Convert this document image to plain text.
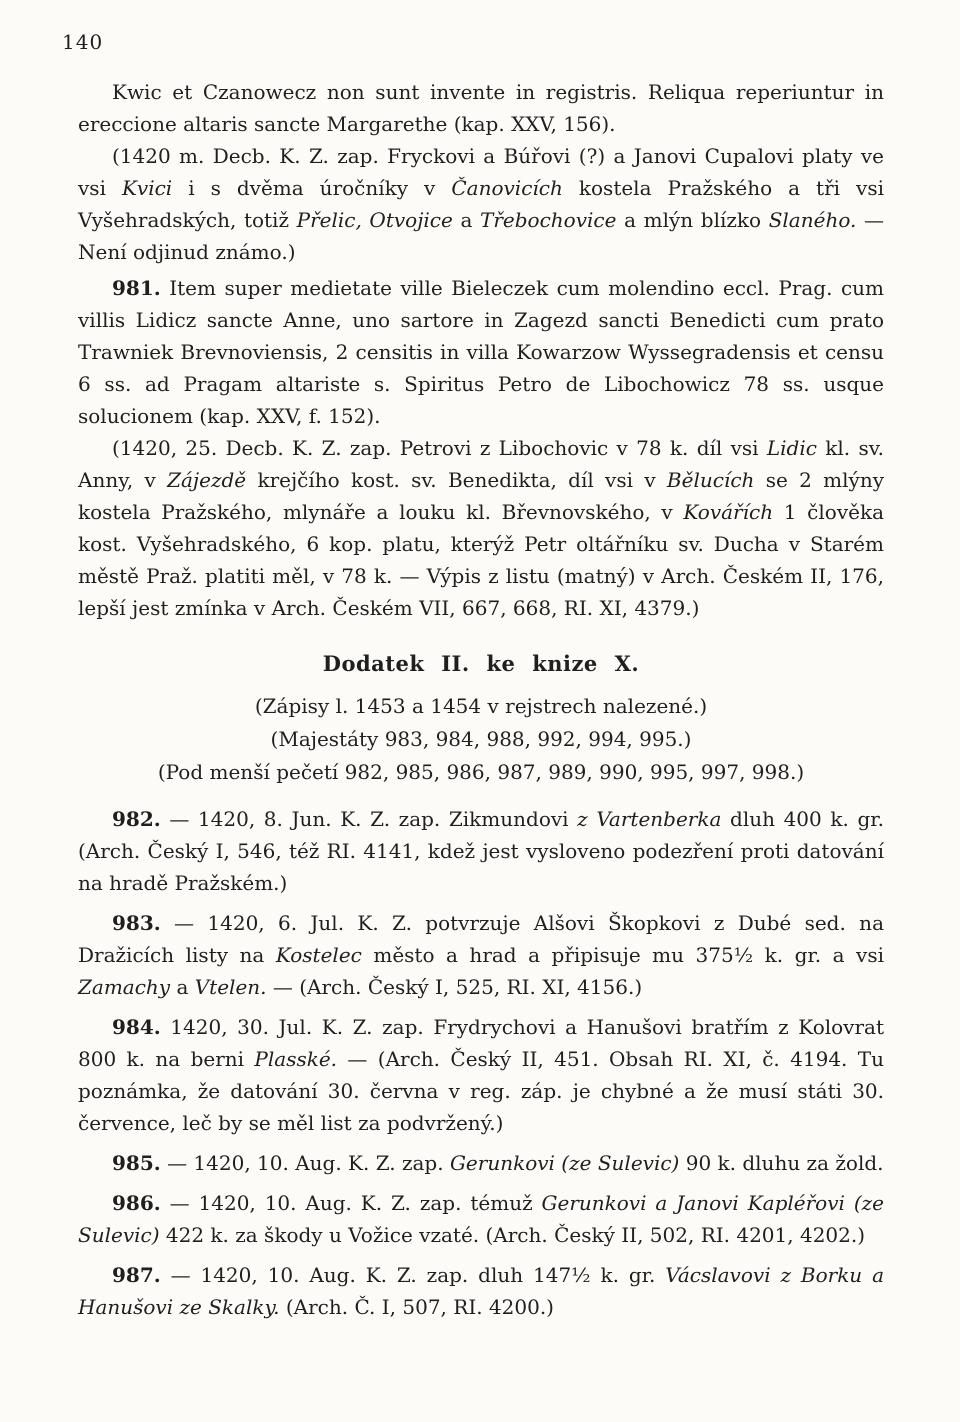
140

Kwic et Czanowecz non sunt invente in registris. Reliqua reperiuntur in ereccione altaris sancte Margarethe (kap. XXV, 156).

(1420 m. Decb. K. Z. zap. Fryckovi a Búřovi (?) a Janovi Cupalovi platy ve vsi Kvici i s dvěma úročníky v Čanovicích kostela Pražského a tři vsi Vyšehradských, totiž Přelic, Otvojice a Třebochovice a mlýn blízko Slaného. — Není odjinud známo.)

981. Item super medietate ville Bieleczek cum molendino eccl. Prag. cum villis Lidicz sancte Anne, uno sartore in Zagezd sancti Benedicti cum prato Trawniek Brevnoviensis, 2 censitis in villa Kowarzow Wyssegradensis et censu 6 ss. ad Pragam altariste s. Spiritus Petro de Libochowicz 78 ss. usque solucionem (kap. XXV, f. 152).

(1420, 25. Decb. K. Z. zap. Petrovi z Libochovic v 78 k. díl vsi Lidic kl. sv. Anny, v Zájezdě krejčího kost. sv. Benedikta, díl vsi v Bělucích se 2 mlýny kostela Pražského, mlynáře a louku kl. Břevnovského, v Kovářích 1 člověka kost. Vyšehradského, 6 kop. platu, kterýž Petr oltářníku sv. Ducha v Starém městě Praž. platiti měl, v 78 k. — Výpis z listu (matný) v Arch. Českém II, 176, lepší jest zmínka v Arch. Českém VII, 667, 668, RI. XI, 4379.)

Dodatek II. ke knize X.

(Zápisy l. 1453 a 1454 v rejstrech nalezené.)

(Majestáty 983, 984, 988, 992, 994, 995.)

(Pod menší pečetí 982, 985, 986, 987, 989, 990, 995, 997, 998.)

982. — 1420, 8. Jun. K. Z. zap. Zikmundovi z Vartenberka dluh 400 k. gr. (Arch. Český I, 546, též RI. 4141, kdež jest vysloveno podezření proti datování na hradě Pražském.)

983. — 1420, 6. Jul. K. Z. potvrzuje Alšovi Škopkovi z Dubé sed. na Dražicích listy na Kostelec město a hrad a připisuje mu 375½ k. gr. a vsi Zamachy a Vtelen. — (Arch. Český I, 525, RI. XI, 4156.)

984. 1420, 30. Jul. K. Z. zap. Frydrychovi a Hanušovi bratřím z Kolovrat 800 k. na berni Plasské. — (Arch. Český II, 451. Obsah RI. XI, č. 4194. Tu poznámka, že datování 30. června v reg. záp. je chybné a že musí státi 30. července, leč by se měl list za podvržený.)

985. — 1420, 10. Aug. K. Z. zap. Gerunkovi (ze Sulevic) 90 k. dluhu za žold.

986. — 1420, 10. Aug. K. Z. zap. témuž Gerunkovi a Janovi Kapléřovi (ze Sulevic) 422 k. za škody u Vožice vzaté. (Arch. Český II, 502, RI. 4201, 4202.)

987. — 1420, 10. Aug. K. Z. zap. dluh 147½ k. gr. Vácslavovi z Borku a Hanušovi ze Skalky. (Arch. Č. I, 507, RI. 4200.)
